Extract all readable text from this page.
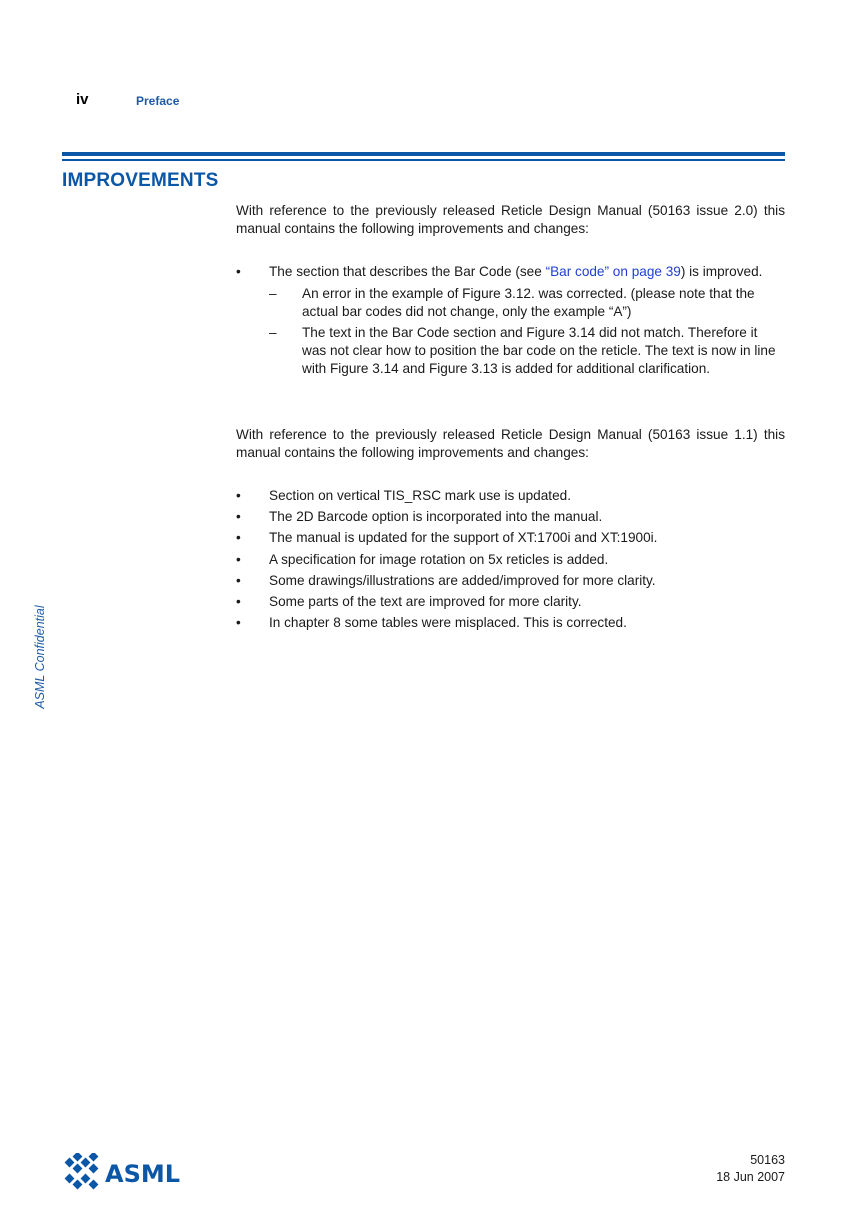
iv	Preface
IMPROVEMENTS

With reference to the previously released Reticle Design Manual (50163 issue 2.0) this manual contains the following improvements and changes:

• The section that describes the Bar Code (see “Bar code” on page 39) is improved.
– An error in the example of Figure 3.12. was corrected. (please note that the actual bar codes did not change, only the example “A”)
– The text in the Bar Code section and Figure 3.14 did not match. Therefore it was not clear how to position the bar code on the reticle. The text is now in line with Figure 3.14 and Figure 3.13 is added for additional clarification.

With reference to the previously released Reticle Design Manual (50163 issue 1.1) this manual contains the following improvements and changes:

• Section on vertical TIS_RSC mark use is updated.
• The 2D Barcode option is incorporated into the manual.
• The manual is updated for the support of XT:1700i and XT:1900i.
• A specification for image rotation on 5x reticles is added.
• Some drawings/illustrations are added/improved for more clarity.
• Some parts of the text are improved for more clarity.
• In chapter 8 some tables were misplaced. This is corrected.
ASML Confidential
ASML	50163
18 Jun 2007
